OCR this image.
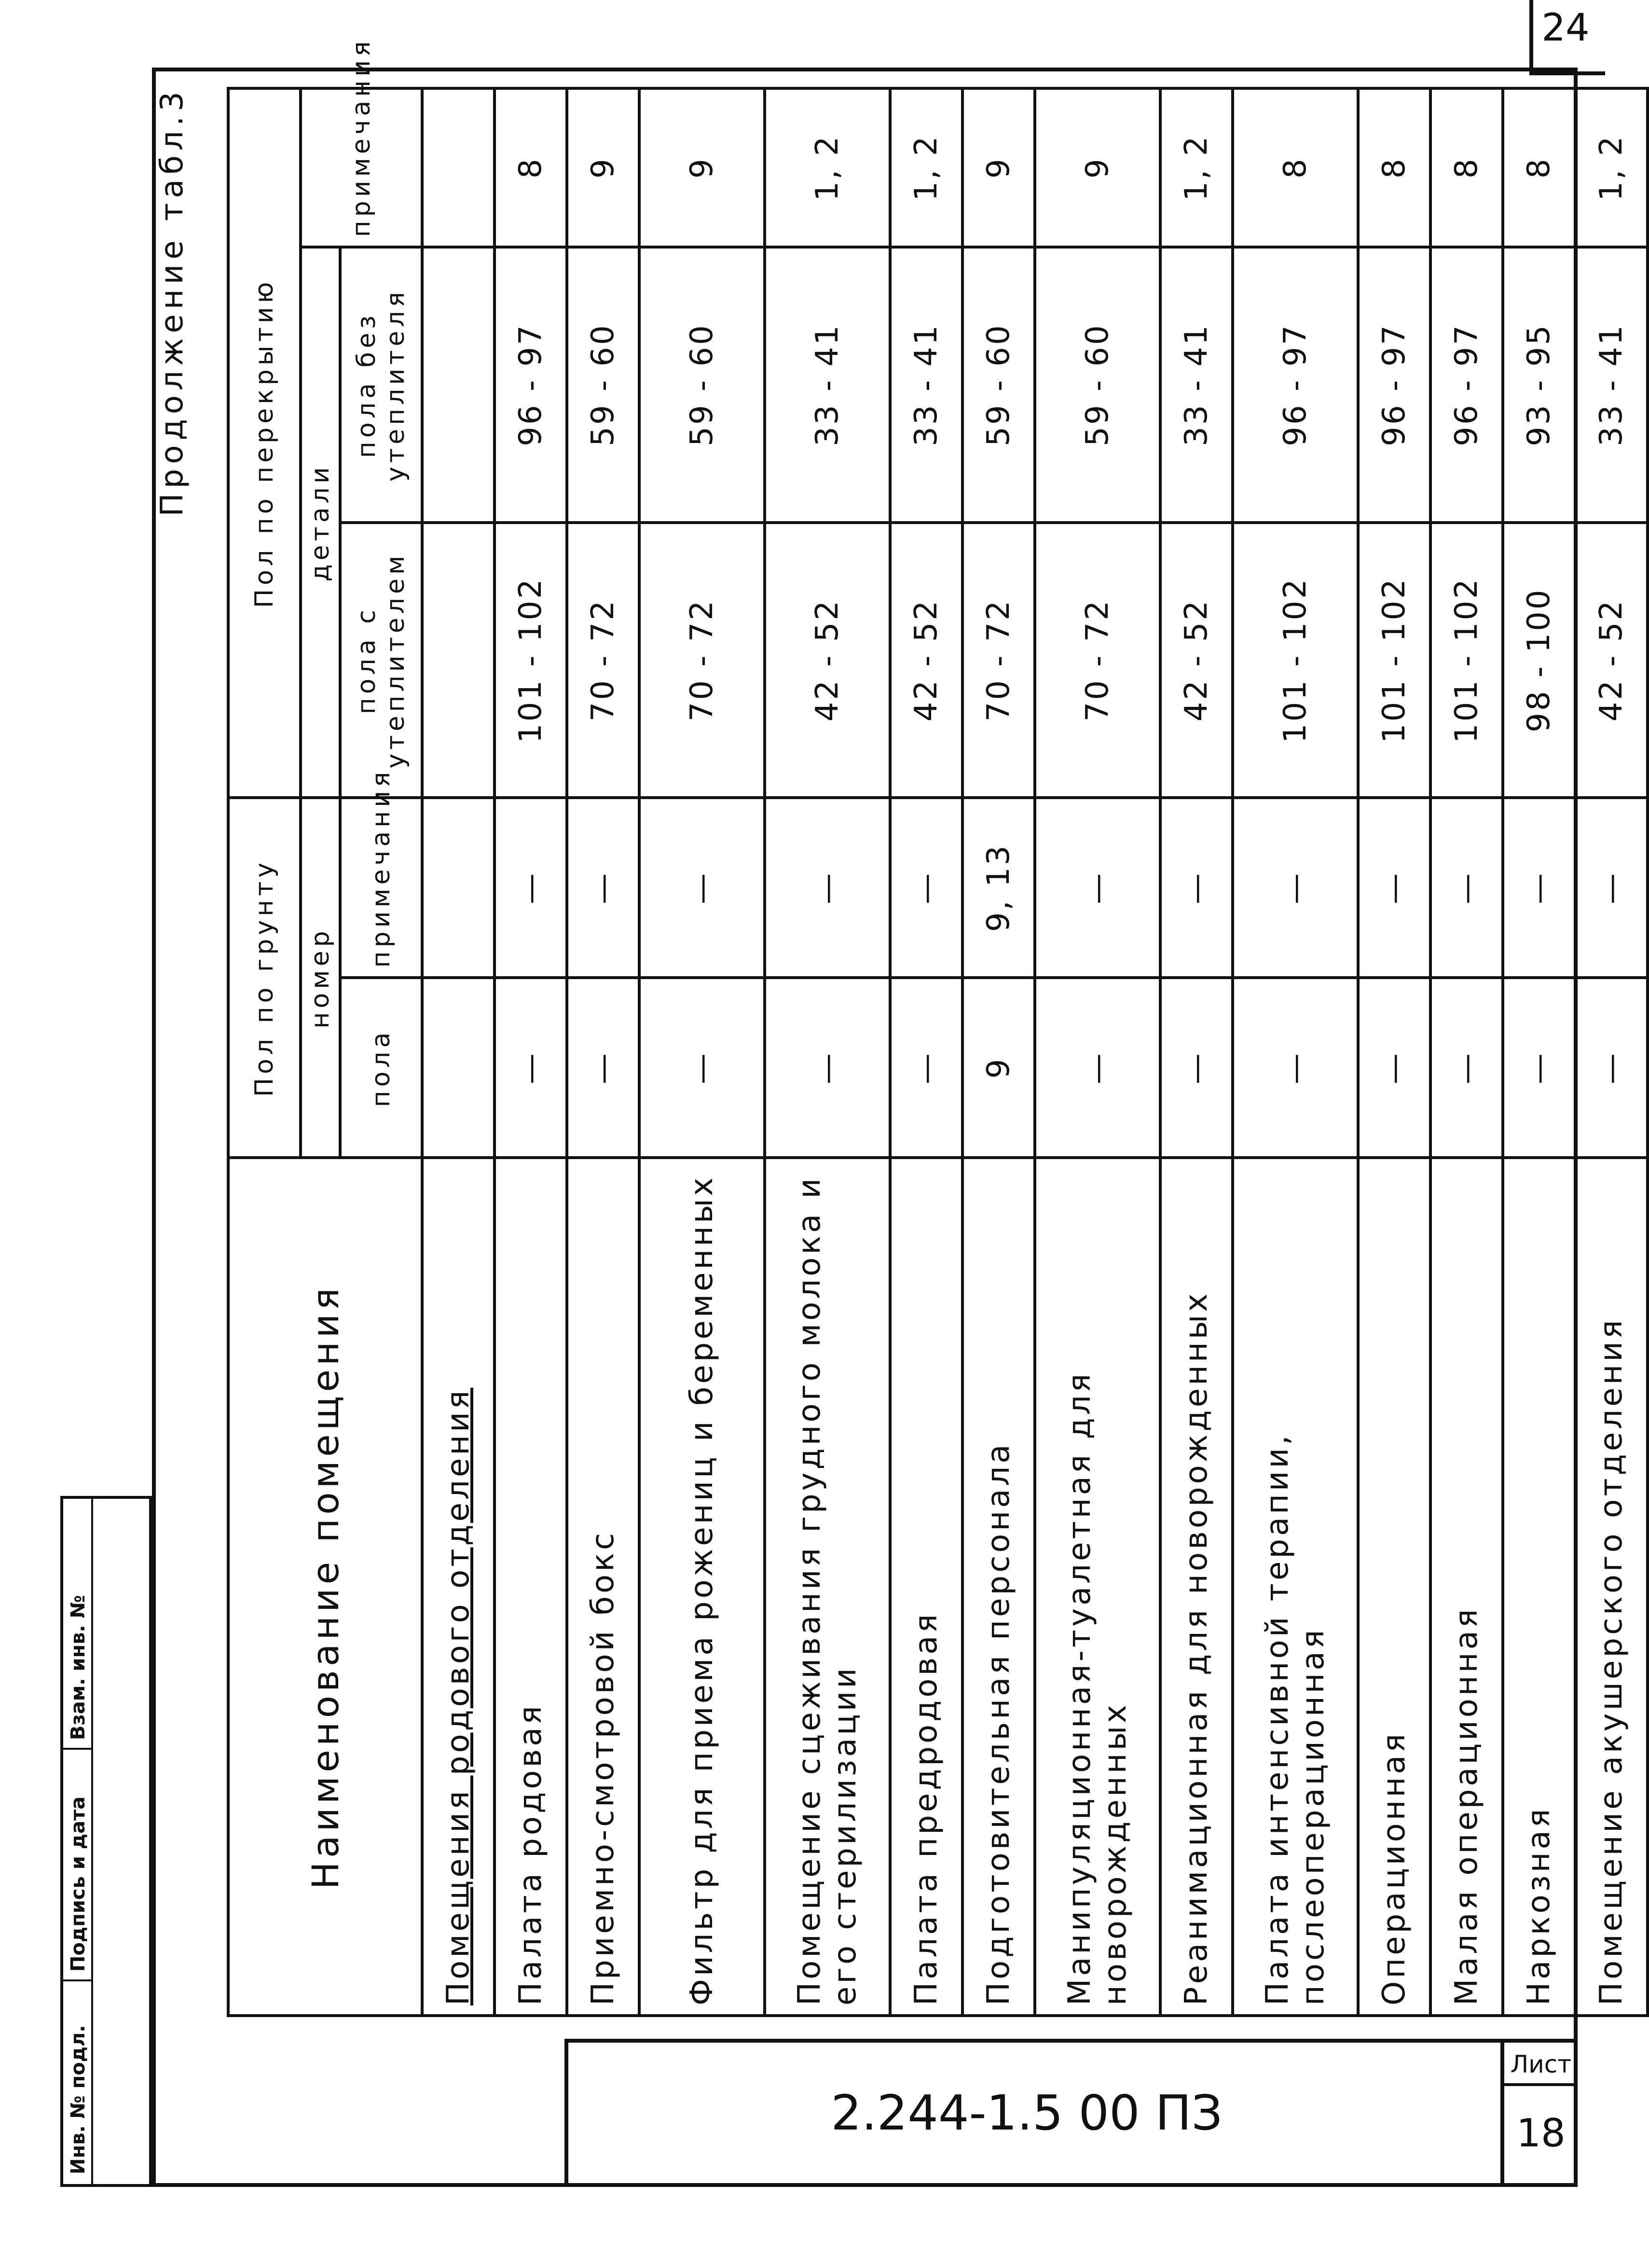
24
Взам. инв. №
Подпись и дата
Инв. № подл.
Продолжение табл.3
Наименование помещения	Пол по грунту		Пол по перекрытию		
	номер		детали		примечания
	пола	примечания	пола с утеплителем	пола без утеплителя	
Помещения родового отделения					
Палата родовая	—	—	101 - 102	96 - 97	8
Приемно-смотровой бокс	—	—	70 - 72	59 - 60	9
Фильтр для приема рожениц и беременных	—	—	70 - 72	59 - 60	9
Помещение сцеживания грудного молока и его стерилизации	—	—	42 - 52	33 - 41	1, 2
Палата предродовая	—	—	42 - 52	33 - 41	1, 2
Подготовительная персонала	9	9, 13	70 - 72	59 - 60	9
Манипуляционная-туалетная для новорожденных	—	—	70 - 72	59 - 60	9
Реанимационная для новорожденных	—	—	42 - 52	33 - 41	1, 2
Палата интенсивной терапии, послеоперационная	—	—	101 - 102	96 - 97	8
Операционная	—	—	101 - 102	96 - 97	8
Малая операционная	—	—	101 - 102	96 - 97	8
Наркозная	—	—	98 - 100	93 - 95	8
Помещение акушерского отделения	—	—	42 - 52	33 - 41	1, 2
2.244-1.5 00 ПЗ
Лист
18
